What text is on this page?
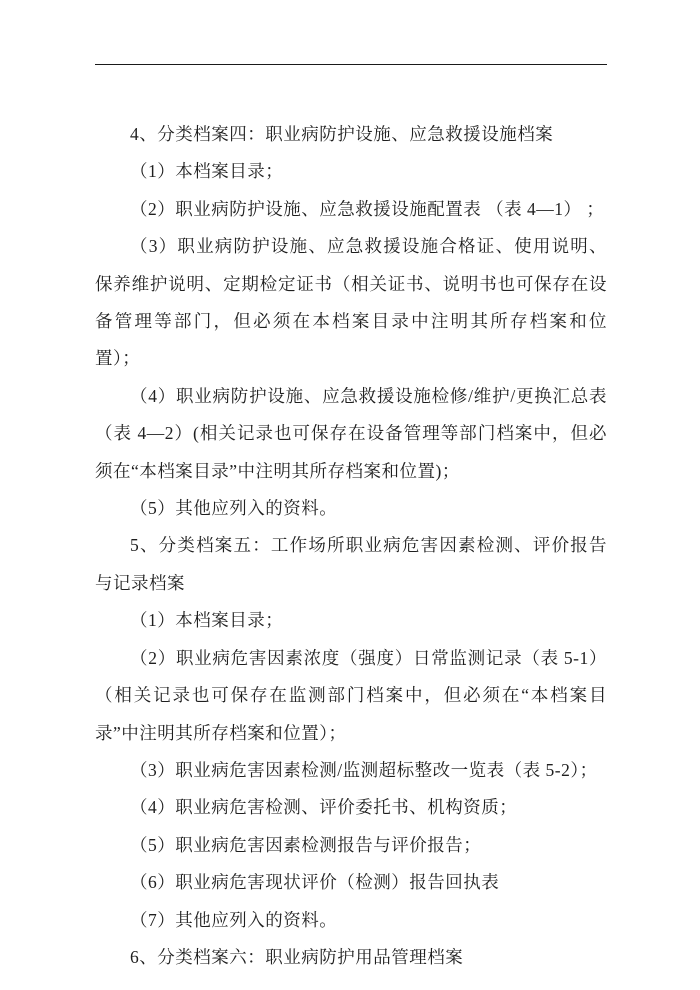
4、分类档案四：职业病防护设施、应急救援设施档案

（1）本档案目录；

（2）职业病防护设施、应急救援设施配置表 （表 4—1） ；

（3）职业病防护设施、应急救援设施合格证、使用说明、保养维护说明、定期检定证书（相关证书、说明书也可保存在设备管理等部门，但必须在本档案目录中注明其所存档案和位置）；

（4）职业病防护设施、应急救援设施检修/维护/更换汇总表（表 4—2）(相关记录也可保存在设备管理等部门档案中，但必须在“本档案目录”中注明其所存档案和位置)；

（5）其他应列入的资料。

5、分类档案五：工作场所职业病危害因素检测、评价报告与记录档案

（1）本档案目录；

（2）职业病危害因素浓度（强度）日常监测记录（表 5-1）（相关记录也可保存在监测部门档案中，但必须在“本档案目录”中注明其所存档案和位置）；

（3）职业病危害因素检测/监测超标整改一览表（表 5-2）；

（4）职业病危害检测、评价委托书、机构资质；

（5）职业病危害因素检测报告与评价报告；

（6）职业病危害现状评价（检测）报告回执表

（7）其他应列入的资料。

6、分类档案六：职业病防护用品管理档案
